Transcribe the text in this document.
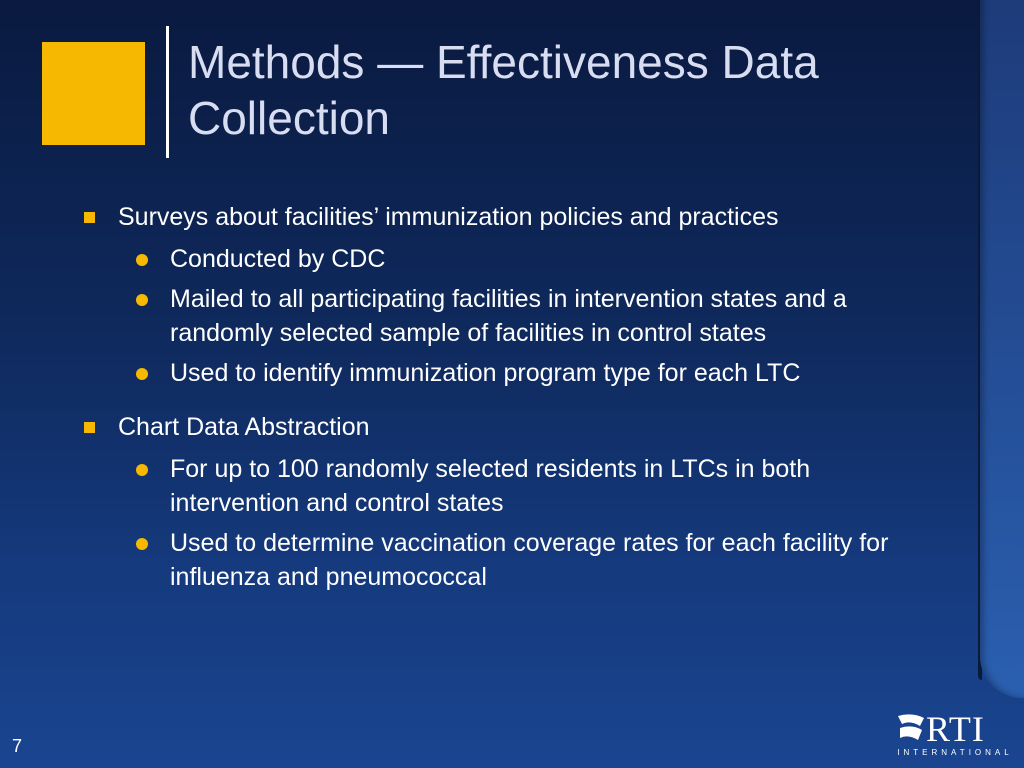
Methods — Effectiveness Data Collection
Surveys about facilities’ immunization policies and practices
Conducted by CDC
Mailed to all participating facilities in intervention states and a randomly selected sample of facilities in control states
Used to identify immunization program type for each LTC
Chart Data Abstraction
For up to 100 randomly selected residents in LTCs in both intervention and control states
Used to determine vaccination coverage rates for each facility for influenza and pneumococcal
7	RTI
INTERNATIONAL
